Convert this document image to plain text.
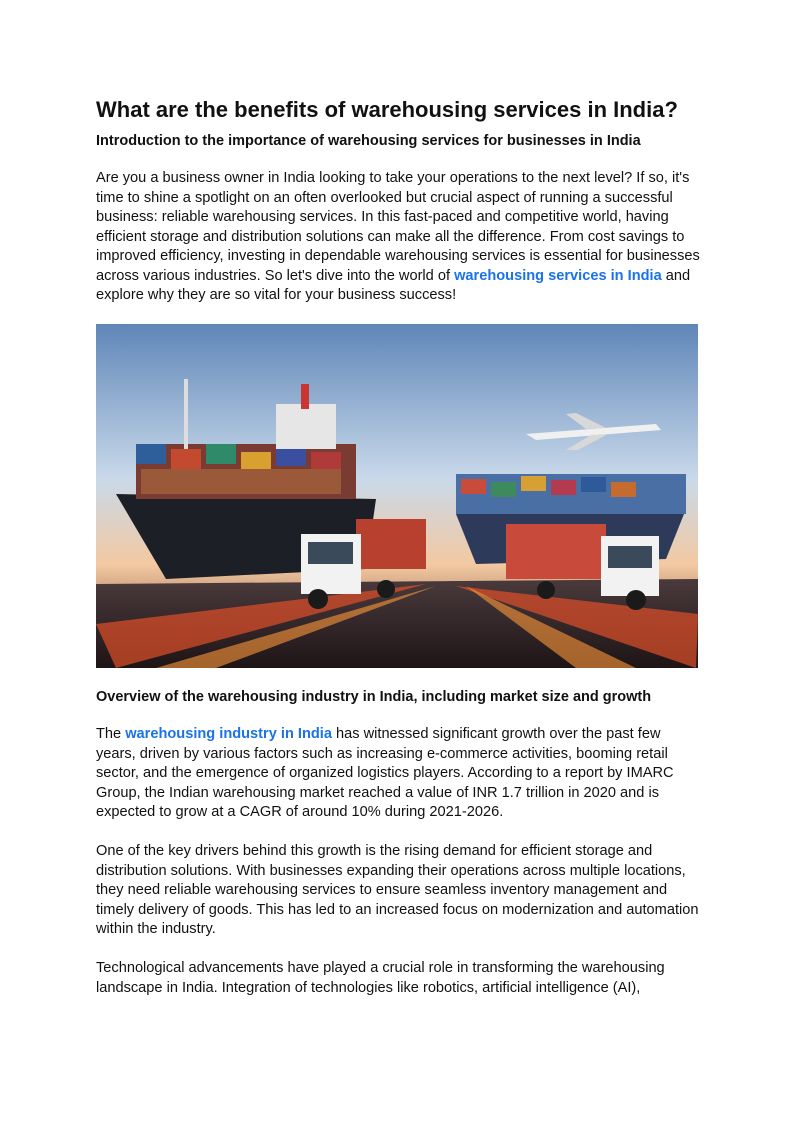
What are the benefits of warehousing services in India?
Introduction to the importance of warehousing services for businesses in India

Are you a business owner in India looking to take your operations to the next level? If so, it's time to shine a spotlight on an often overlooked but crucial aspect of running a successful business: reliable warehousing services. In this fast-paced and competitive world, having efficient storage and distribution solutions can make all the difference. From cost savings to improved efficiency, investing in dependable warehousing services is essential for businesses across various industries. So let's dive into the world of warehousing services in India and explore why they are so vital for your business success!

Overview of the warehousing industry in India, including market size and growth

The warehousing industry in India has witnessed significant growth over the past few years, driven by various factors such as increasing e-commerce activities, booming retail sector, and the emergence of organized logistics players. According to a report by IMARC Group, the Indian warehousing market reached a value of INR 1.7 trillion in 2020 and is expected to grow at a CAGR of around 10% during 2021-2026.

One of the key drivers behind this growth is the rising demand for efficient storage and distribution solutions. With businesses expanding their operations across multiple locations, they need reliable warehousing services to ensure seamless inventory management and timely delivery of goods. This has led to an increased focus on modernization and automation within the industry.

Technological advancements have played a crucial role in transforming the warehousing landscape in India. Integration of technologies like robotics, artificial intelligence (AI),
